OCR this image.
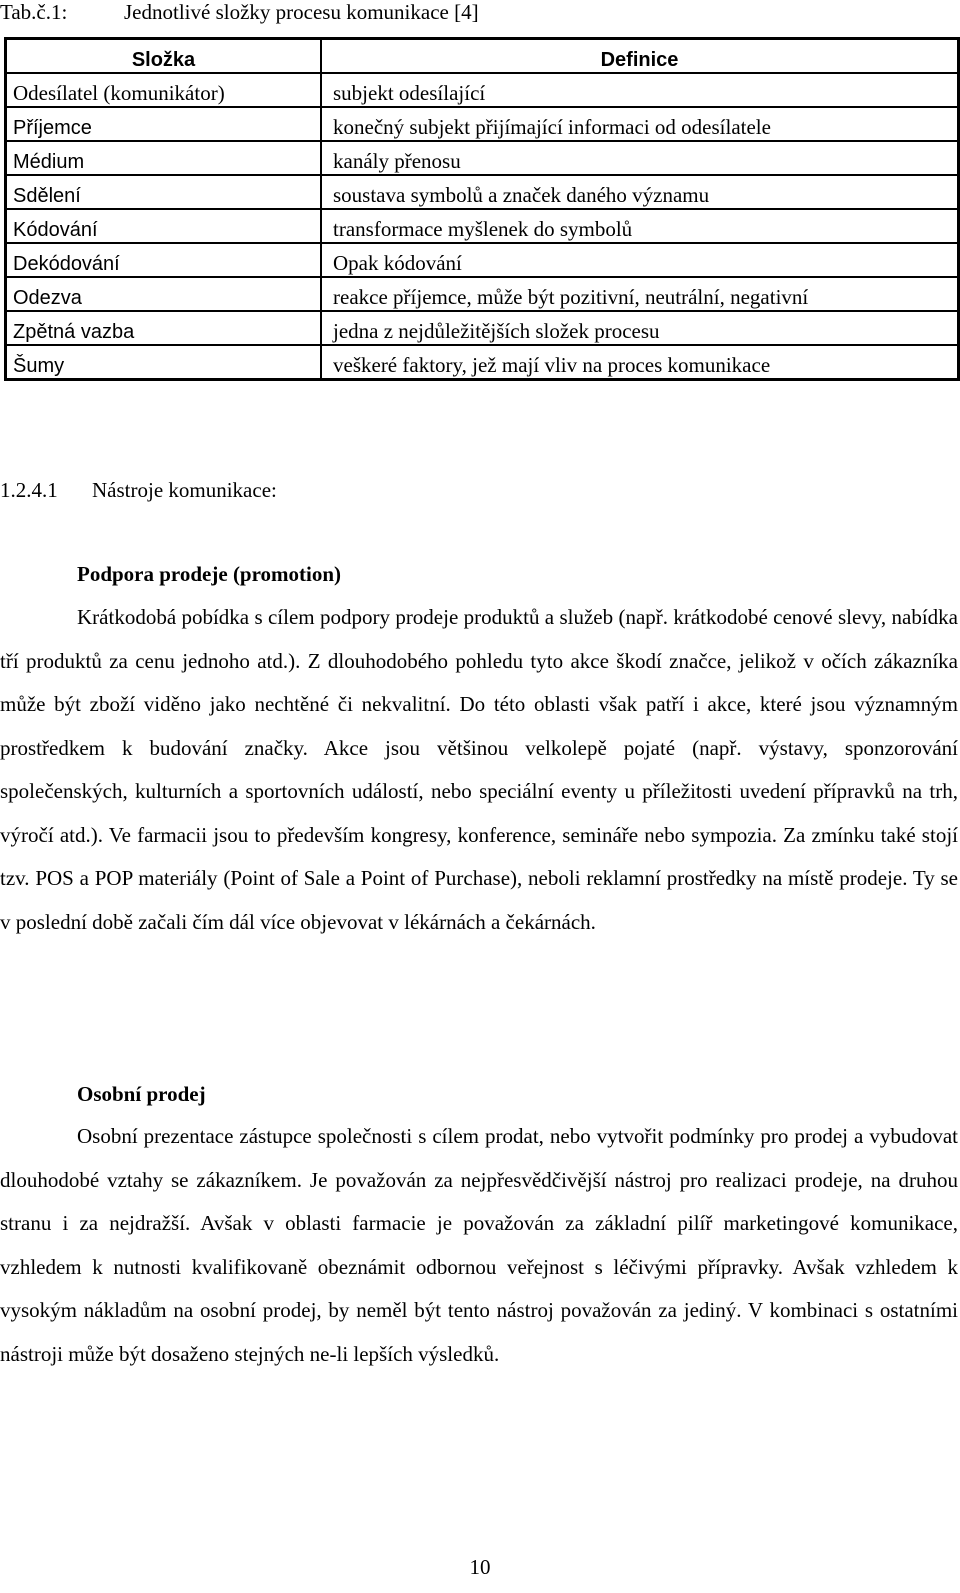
Tab.č.1:	Jednotlivé složky procesu komunikace [4]
Složka	Definice
Odesílatel (komunikátor)	subjekt odesílající
Příjemce	konečný subjekt přijímající informaci od odesílatele
Médium	kanály přenosu
Sdělení	soustava symbolů a značek daného významu
Kódování	transformace myšlenek do symbolů
Dekódování	Opak kódování
Odezva	reakce příjemce, může být pozitivní, neutrální, negativní
Zpětná vazba	jedna z nejdůležitějších složek procesu
Šumy	veškeré faktory, jež mají vliv na proces komunikace
1.2.4.1 Nástroje komunikace:
Podpora prodeje (promotion)
Krátkodobá pobídka s cílem podpory prodeje produktů a služeb (např. krátkodobé cenové slevy, nabídka tří produktů za cenu jednoho atd.). Z dlouhodobého pohledu tyto akce škodí značce, jelikož v očích zákazníka může být zboží viděno jako nechtěné či nekvalitní. Do této oblasti však patří i akce, které jsou významným prostředkem k budování značky. Akce jsou většinou velkolepě pojaté (např. výstavy, sponzorování společenských, kulturních a sportovních událostí, nebo speciální eventy u příležitosti uvedení přípravků na trh, výročí atd.). Ve farmacii jsou to především kongresy, konference, semináře nebo sympozia. Za zmínku také stojí tzv. POS a POP materiály (Point of Sale a Point of Purchase), neboli reklamní prostředky na místě prodeje. Ty se v poslední době začali čím dál více objevovat v lékárnách a čekárnách.
Osobní prodej
Osobní prezentace zástupce společnosti s cílem prodat, nebo vytvořit podmínky pro prodej a vybudovat dlouhodobé vztahy se zákazníkem. Je považován za nejpřesvědčivější nástroj pro realizaci prodeje, na druhou stranu i za nejdražší. Avšak v oblasti farmacie je považován za základní pilíř marketingové komunikace, vzhledem k nutnosti kvalifikovaně obeznámit odbornou veřejnost s léčivými přípravky. Avšak vzhledem k vysokým nákladům na osobní prodej, by neměl být tento nástroj považován za jediný. V kombinaci s ostatními nástroji může být dosaženo stejných ne-li lepších výsledků.
10
